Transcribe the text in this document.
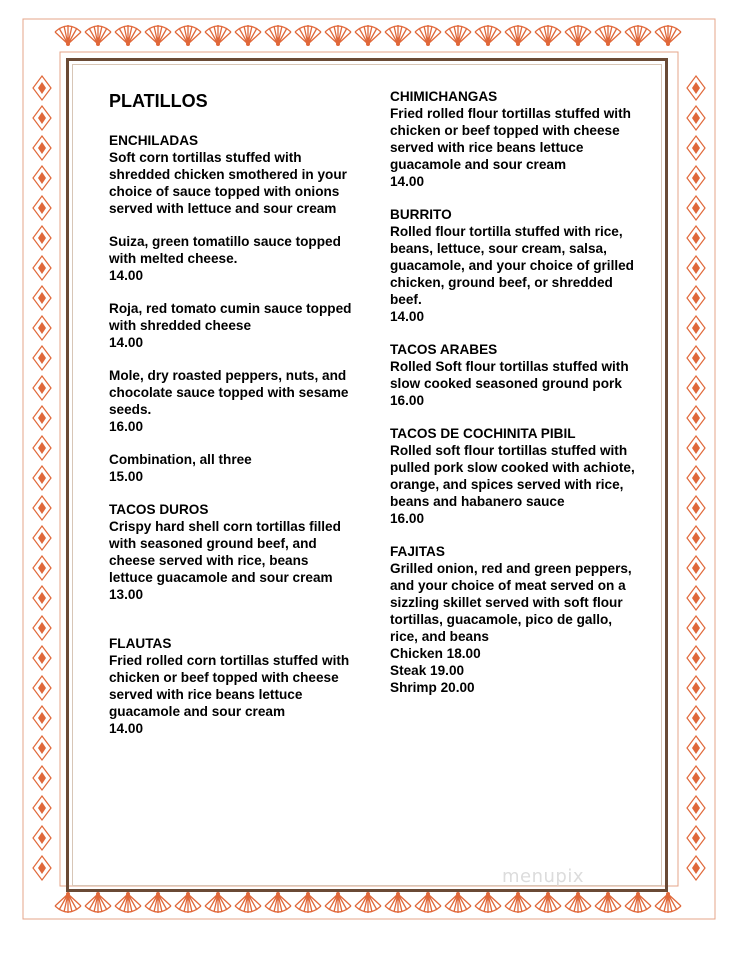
PLATILLOS
ENCHILADAS
Soft corn tortillas stuffed with shredded chicken smothered in your choice of sauce topped with onions served with lettuce and sour cream
Suiza, green tomatillo sauce topped with melted cheese.
14.00
Roja, red tomato cumin sauce topped with shredded cheese
14.00
Mole, dry roasted peppers, nuts, and chocolate sauce topped with sesame seeds.
16.00
Combination, all three
15.00
TACOS DUROS
Crispy hard shell corn tortillas filled with seasoned ground beef, and cheese served with rice, beans lettuce guacamole and sour cream
13.00
FLAUTAS
Fried rolled corn tortillas stuffed with chicken or beef topped with cheese served with rice beans lettuce guacamole and sour cream
14.00
CHIMICHANGAS
Fried rolled flour tortillas stuffed with chicken or beef topped with cheese served with rice beans lettuce guacamole and sour cream
14.00
BURRITO
Rolled flour tortilla stuffed with rice, beans, lettuce, sour cream, salsa, guacamole, and your choice of grilled chicken, ground beef, or shredded beef.
14.00
TACOS ARABES
Rolled Soft flour tortillas stuffed with slow cooked seasoned ground pork
16.00
TACOS DE COCHINITA PIBIL
Rolled soft flour tortillas stuffed with pulled pork slow cooked with achiote, orange, and spices served with rice, beans and habanero sauce
16.00
FAJITAS
Grilled onion, red and green peppers, and your choice of meat served on a sizzling skillet served with soft flour tortillas, guacamole, pico de gallo, rice, and beans
Chicken 18.00
Steak 19.00
Shrimp 20.00
menupix
